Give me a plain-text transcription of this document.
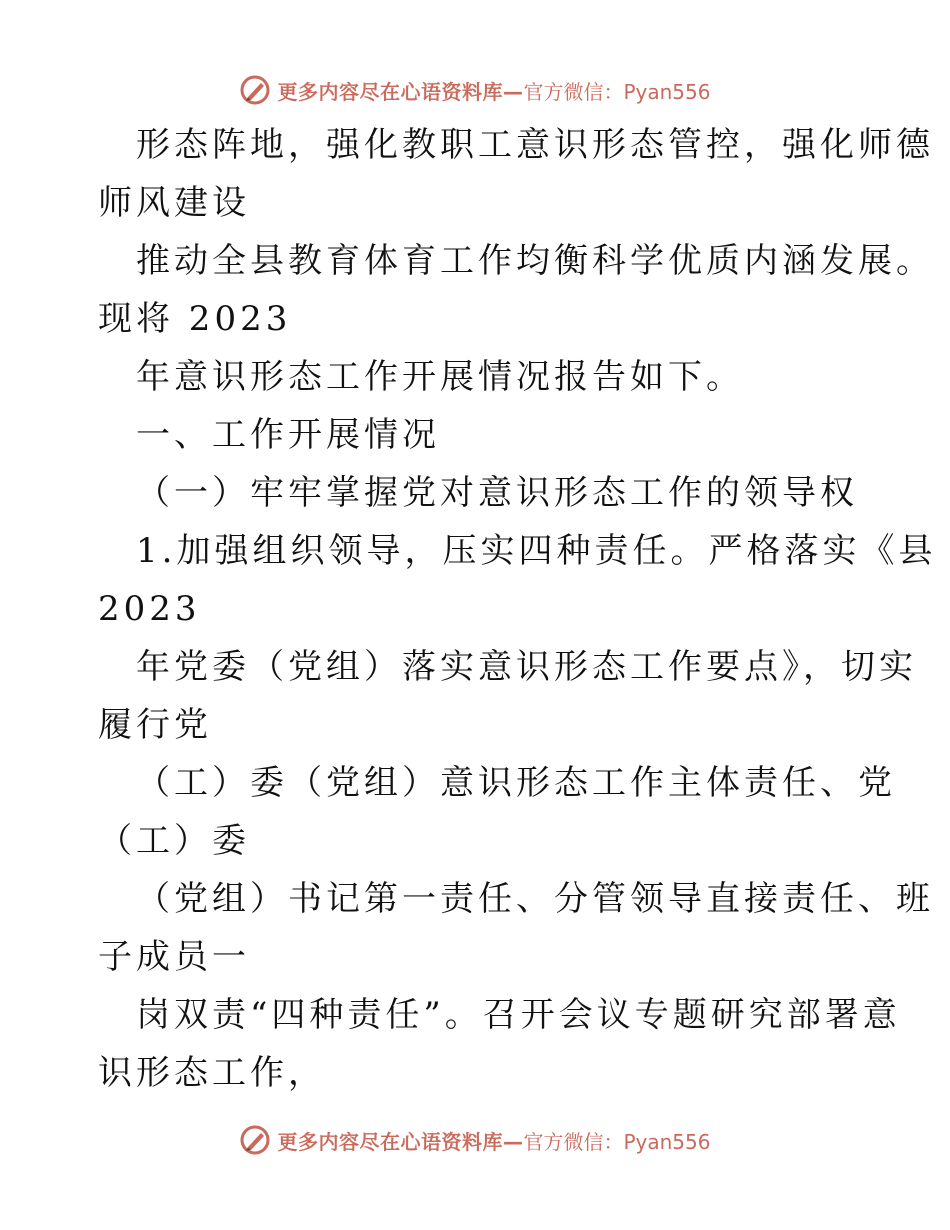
更多内容尽在心语资料库— 官方微信：Pyan556
形态阵地，强化教职工意识形态管控，强化师德
师风建设
推动全县教育体育工作均衡科学优质内涵发展。
现将 2023
年意识形态工作开展情况报告如下。
一、工作开展情况
（一）牢牢掌握党对意识形态工作的领导权
1.加强组织领导，压实四种责任。严格落实《县
2023
年党委（党组）落实意识形态工作要点》，切实
履行党
（工）委（党组）意识形态工作主体责任、党
（工）委
（党组）书记第一责任、分管领导直接责任、班
子成员一
岗双责“四种责任”。召开会议专题研究部署意
识形态工作，
更多内容尽在心语资料库— 官方微信：Pyan556
